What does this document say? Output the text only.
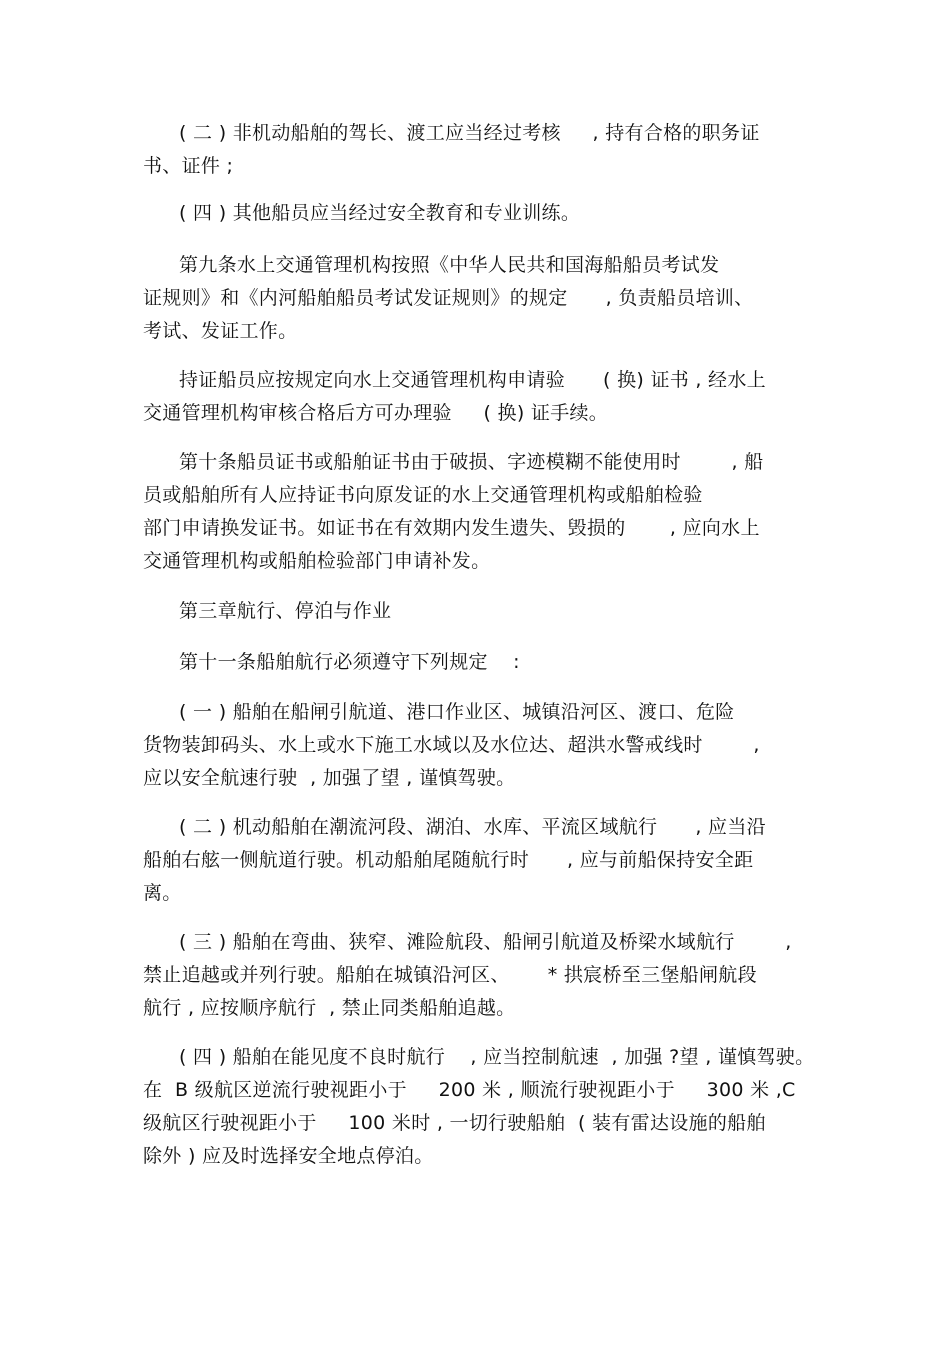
( 二 ) 非机动船舶的驾长、渡工应当经过考核     , 持有合格的职务证
书、证件 ;
( 四 ) 其他船员应当经过安全教育和专业训练。
第九条水上交通管理机构按照《中华人民共和国海船船员考试发
证规则》和《内河船舶船员考试发证规则》的规定      , 负责船员培训、
考试、发证工作。
持证船员应按规定向水上交通管理机构申请验      ( 换) 证书 , 经水上
交通管理机构审核合格后方可办理验     ( 换) 证手续。
第十条船员证书或船舶证书由于破损、字迹模糊不能使用时        , 船
员或船舶所有人应持证书向原发证的水上交通管理机构或船舶检验
部门申请换发证书。如证书在有效期内发生遗失、毁损的       , 应向水上
交通管理机构或船舶检验部门申请补发。
第三章航行、停泊与作业
第十一条船舶航行必须遵守下列规定    :
( 一 ) 船舶在船闸引航道、港口作业区、城镇沿河区、渡口、危险
货物装卸码头、水上或水下施工水域以及水位达、超洪水警戒线时        ,
应以安全航速行驶  , 加强了望 , 谨慎驾驶。
( 二 ) 机动船舶在潮流河段、湖泊、水库、平流区域航行      , 应当沿
船舶右舷一侧航道行驶。机动船舶尾随航行时      , 应与前船保持安全距
离。
( 三 ) 船舶在弯曲、狭窄、滩险航段、船闸引航道及桥梁水域航行        ,
禁止追越或并列行驶。船舶在城镇沿河区、      * 拱宸桥至三堡船闸航段
航行 , 应按顺序航行  , 禁止同类船舶追越。
( 四 ) 船舶在能见度不良时航行    , 应当控制航速  , 加强 ?望 , 谨慎驾驶。
在  B 级航区逆流行驶视距小于     200 米 , 顺流行驶视距小于     300 米 ,C
级航区行驶视距小于     100 米时 , 一切行驶船舶  ( 装有雷达设施的船舶
除外 ) 应及时选择安全地点停泊。
